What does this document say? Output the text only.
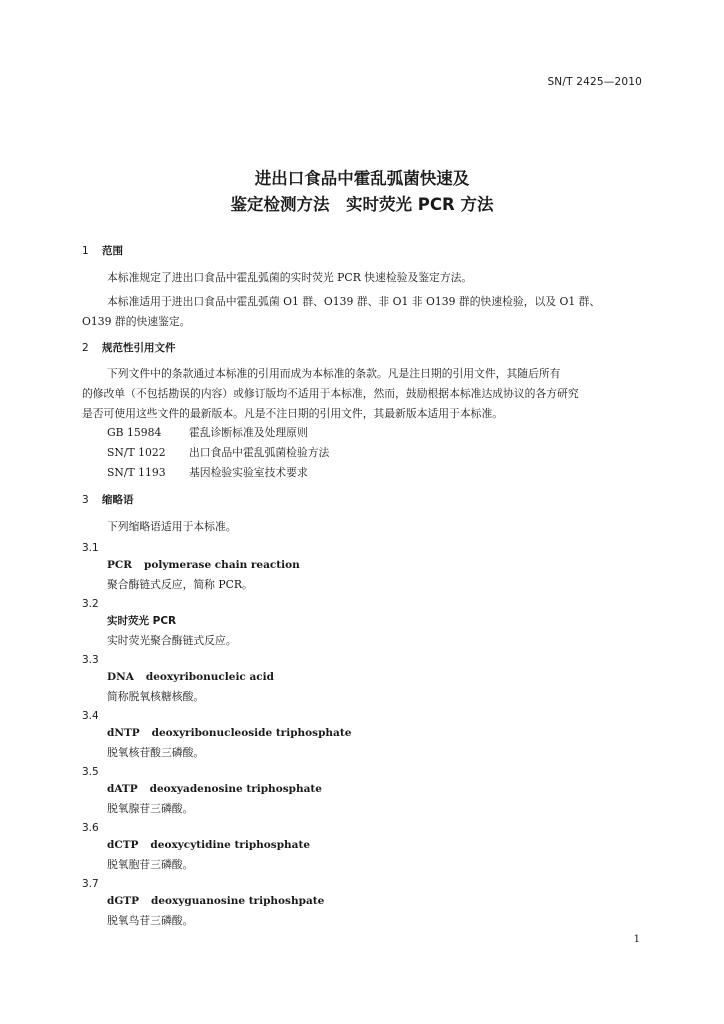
SN/T 2425—2010
进出口食品中霍乱弧菌快速及
鉴定检测方法　实时荧光 PCR 方法
1 范围
本标准规定了进出口食品中霍乱弧菌的实时荧光 PCR 快速检验及鉴定方法。
本标准适用于进出口食品中霍乱弧菌 O1 群、O139 群、非 O1 非 O139 群的快速检验，以及 O1 群、
O139 群的快速鉴定。
2 规范性引用文件
下列文件中的条款通过本标准的引用而成为本标准的条款。凡是注日期的引用文件，其随后所有
的修改单（不包括勘误的内容）或修订版均不适用于本标准，然而，鼓励根据本标准达成协议的各方研究
是否可使用这些文件的最新版本。凡是不注日期的引用文件，其最新版本适用于本标准。
GB 15984	霍乱诊断标准及处理原则
SN/T 1022 出口食品中霍乱弧菌检验方法
SN/T 1193 基因检验实验室技术要求
3 缩略语
下列缩略语适用于本标准。
3.1
PCR polymerase chain reaction
聚合酶链式反应，简称 PCR。
3.2
实时荧光 PCR
实时荧光聚合酶链式反应。
3.3
DNA deoxyribonucleic acid
简称脱氧核糖核酸。
3.4
dNTP deoxyribonucleoside triphosphate
脱氧核苷酸三磷酸。
3.5
dATP deoxyadenosine triphosphate
脱氧腺苷三磷酸。
3.6
dCTP deoxycytidine triphosphate
脱氧胞苷三磷酸。
3.7
dGTP deoxyguanosine triphoshpate
脱氧鸟苷三磷酸。
1
